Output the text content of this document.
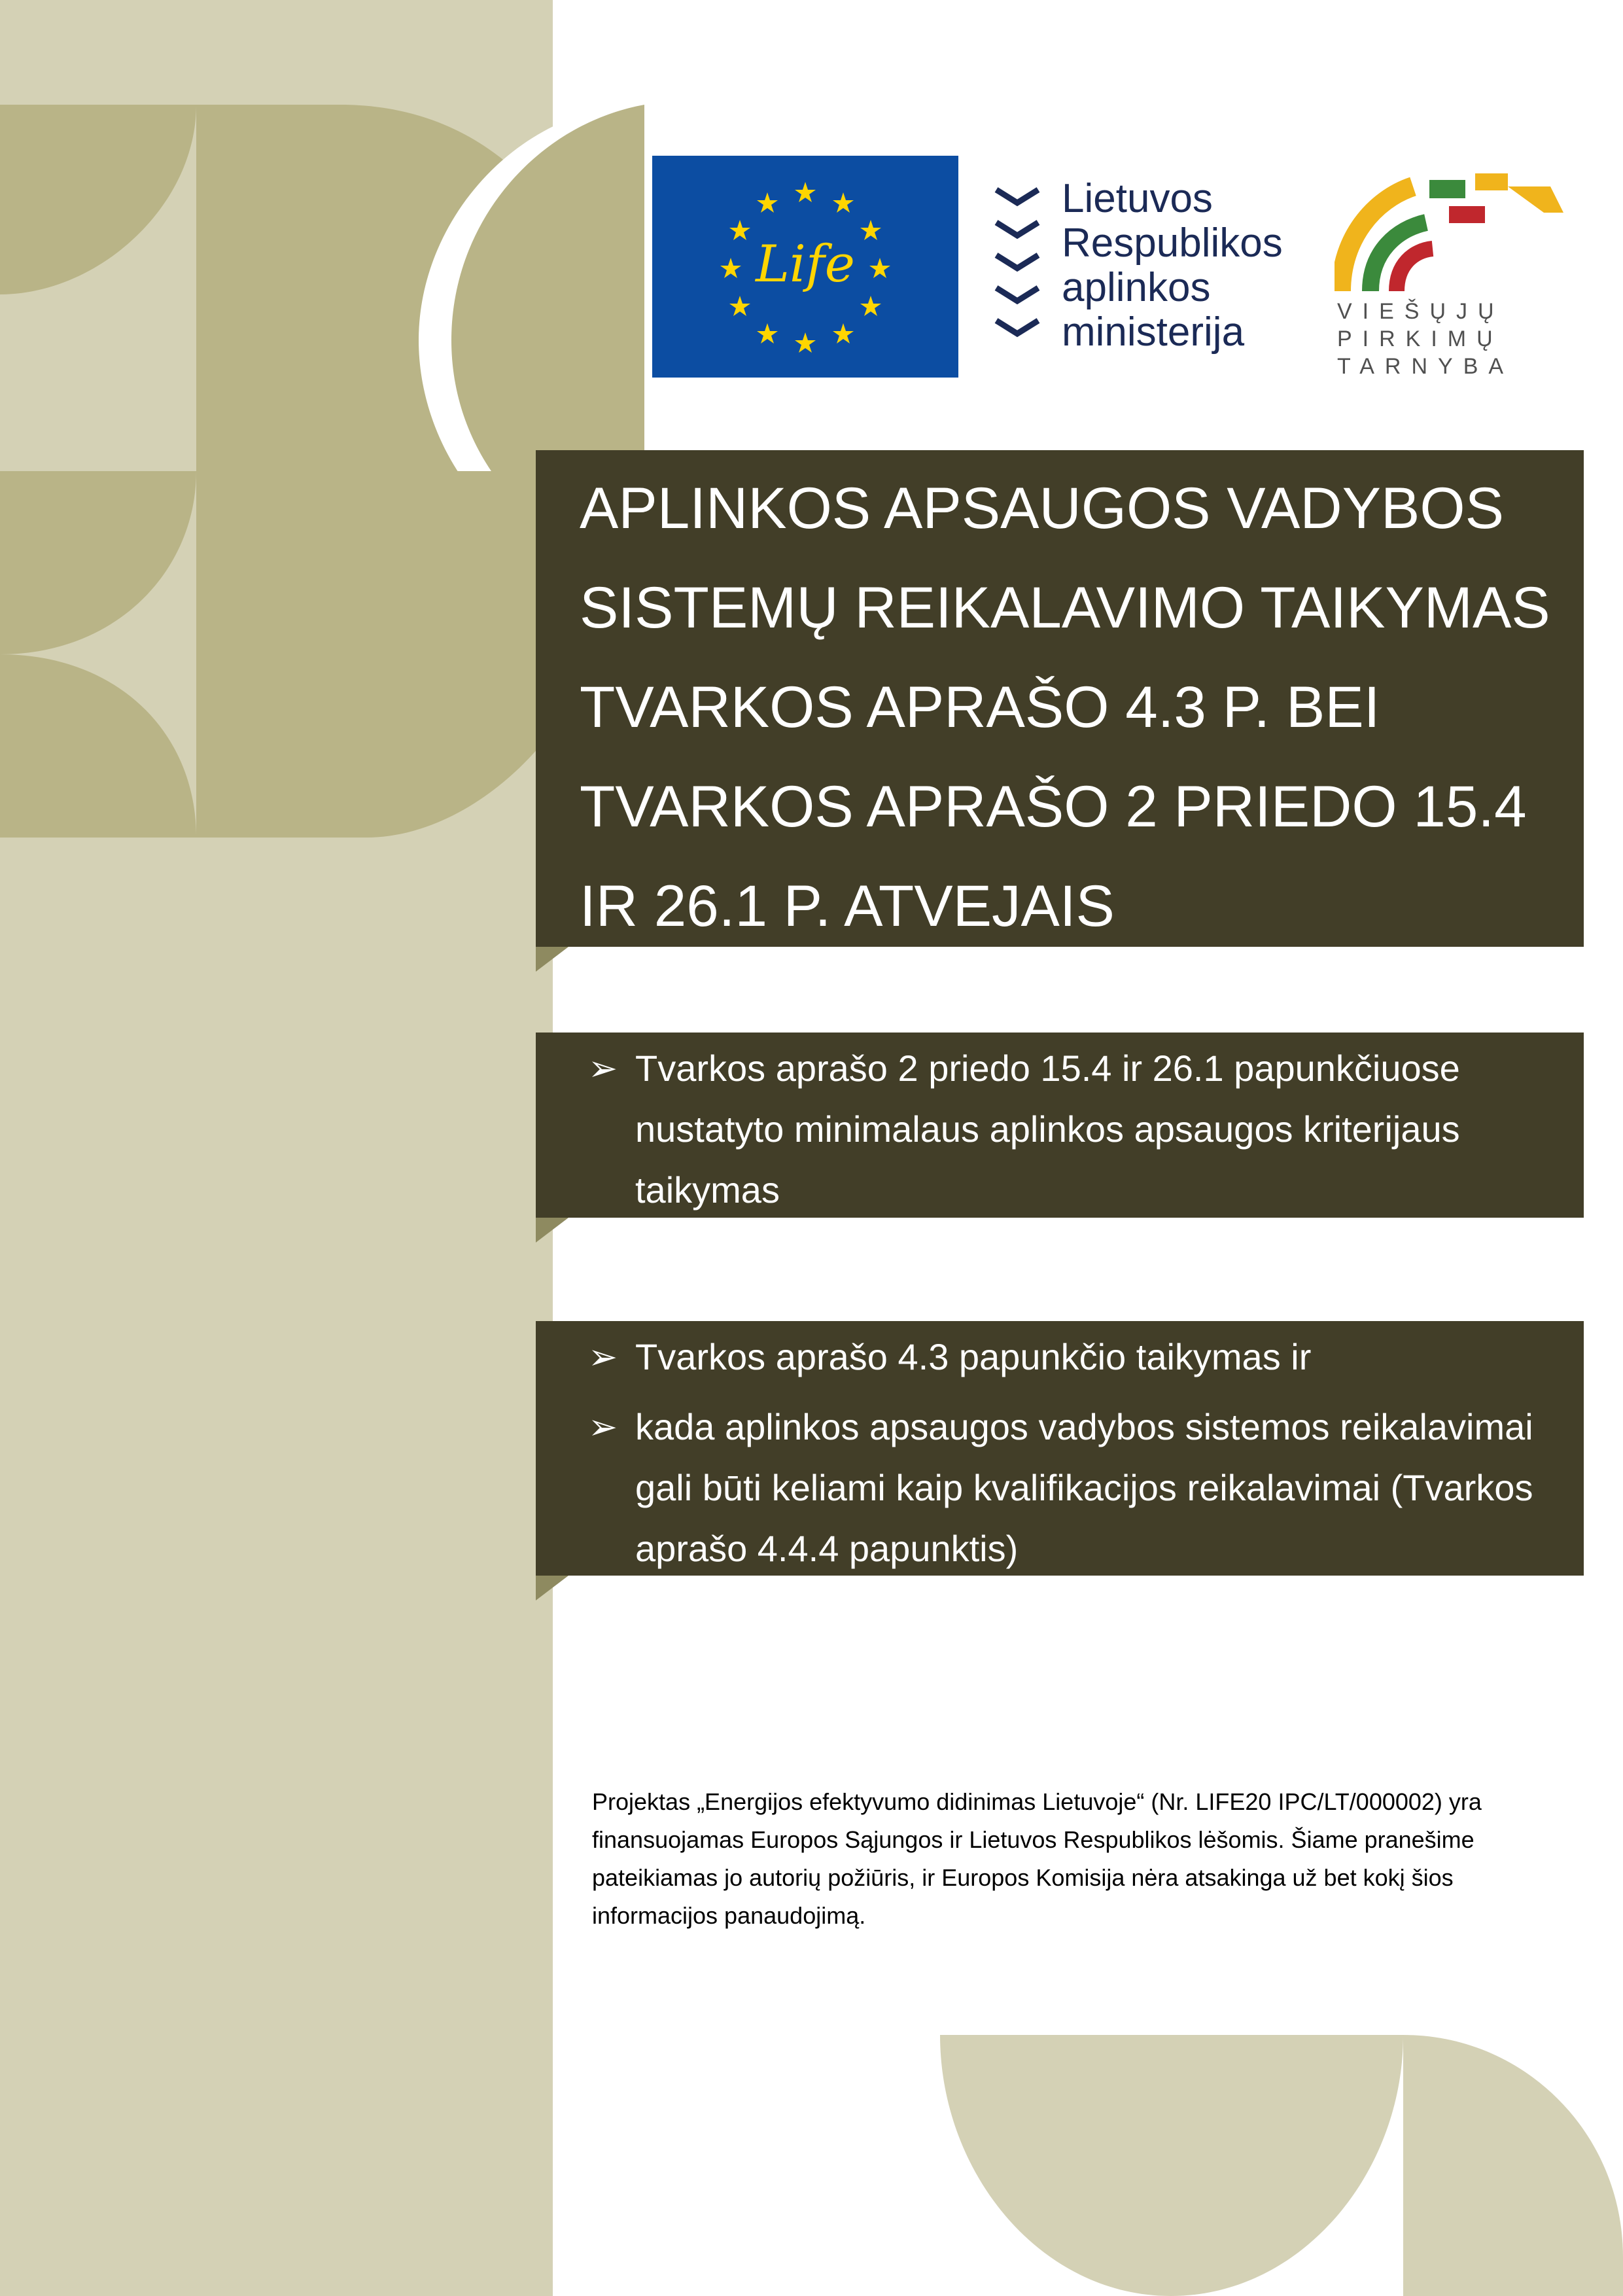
Life
Lietuvos
Respublikos
aplinkos
ministerija	VIEŠŲJŲ
PIRKIMŲ
TARNYBA
APLINKOS APSAUGOS VADYBOS SISTEMŲ REIKALAVIMO TAIKYMAS TVARKOS APRAŠO 4.3 P. BEI TVARKOS APRAŠO 2 PRIEDO 15.4 IR 26.1 P. ATVEJAIS
➢ Tvarkos aprašo 2 priedo 15.4 ir 26.1 papunkčiuose nustatyto minimalaus aplinkos apsaugos kriterijaus taikymas
➢ Tvarkos aprašo 4.3 papunkčio taikymas ir
➢ kada aplinkos apsaugos vadybos sistemos reikalavimai gali būti keliami kaip kvalifikacijos reikalavimai (Tvarkos aprašo 4.4.4 papunktis)

Projektas „Energijos efektyvumo didinimas Lietuvoje“ (Nr. LIFE20 IPC/LT/000002) yra finansuojamas Europos Sąjungos ir Lietuvos Respublikos lėšomis. Šiame pranešime pateikiamas jo autorių požiūris, ir Europos Komisija nėra atsakinga už bet kokį šios informacijos panaudojimą.
